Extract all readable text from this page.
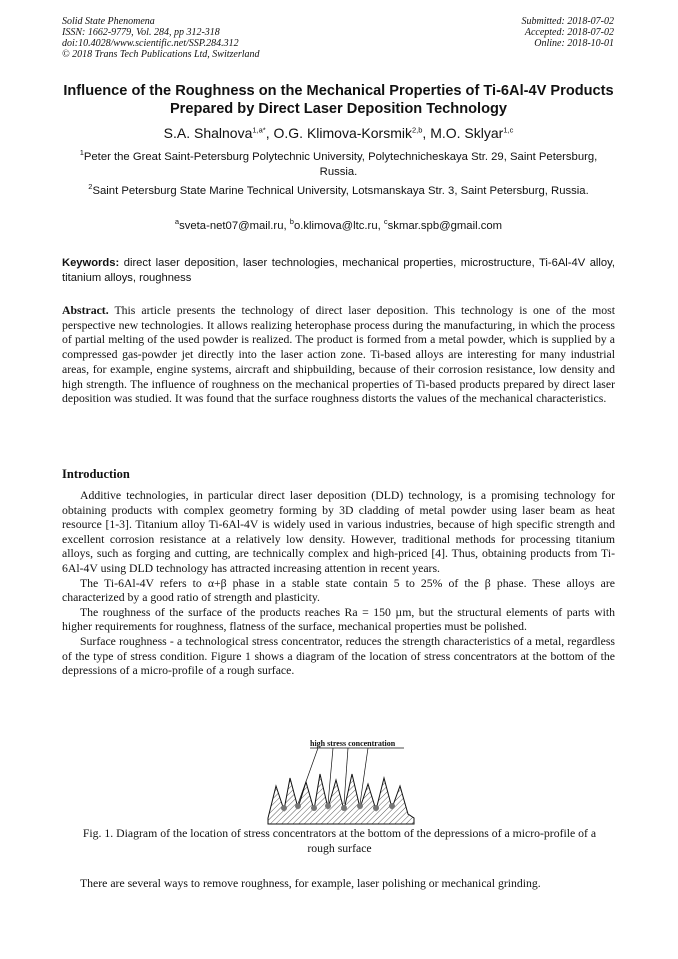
Solid State Phenomena
ISSN: 1662-9779, Vol. 284, pp 312-318
doi:10.4028/www.scientific.net/SSP.284.312
© 2018 Trans Tech Publications Ltd, Switzerland
Submitted: 2018-07-02
Accepted: 2018-07-02
Online: 2018-10-01
Influence of the Roughness on the Mechanical Properties of Ti-6Al-4V Products Prepared by Direct Laser Deposition Technology
S.A. Shalnova$^{1,a*}$, O.G. Klimova-Korsmik$^{2,b}$, M.O. Sklyar$^{1,c}$
$^1$Peter the Great Saint-Petersburg Polytechnic University, Polytechnicheskaya Str. 29, Saint Petersburg, Russia.
$^2$Saint Petersburg State Marine Technical University, Lotsmanskaya Str. 3, Saint Petersburg, Russia.
$^a$sveta-net07@mail.ru, $^b$o.klimova@ltc.ru, $^c$skmar.spb@gmail.com
Keywords: direct laser deposition, laser technologies, mechanical properties, microstructure, Ti-6Al-4V alloy, titanium alloys, roughness
Abstract. This article presents the technology of direct laser deposition. This technology is one of the most perspective new technologies. It allows realizing heterophase process during the manufacturing, in which the process of partial melting of the used powder is realized. The product is formed from a metal powder, which is supplied by a compressed gas-powder jet directly into the laser action zone. Ti-based alloys are interesting for many industrial areas, for example, engine systems, aircraft and shipbuilding, because of their corrosion resistance, low density and high strength. The influence of roughness on the mechanical properties of Ti-based products prepared by direct laser deposition was studied. It was found that the surface roughness distorts the values of the mechanical characteristics.
Introduction

Additive technologies, in particular direct laser deposition (DLD) technology, is a promising technology for obtaining products with complex geometry forming by 3D cladding of metal powder using laser beam as heat resource [1-3]. Titanium alloy Ti-6Al-4V is widely used in various industries, because of high specific strength and excellent corrosion resistance at a relatively low density. However, traditional methods for processing titanium alloys, such as forging and cutting, are technically complex and high-priced [4]. Thus, obtaining products from Ti-6Al-4V using DLD technology has attracted increasing attention in recent years.

The Ti-6Al-4V refers to α+β phase in a stable state contain 5 to 25% of the β phase. These alloys are characterized by a good ratio of strength and plasticity.

The roughness of the surface of the products reaches Ra = 150 µm, but the structural elements of parts with higher requirements for roughness, flatness of the surface, mechanical properties must be polished.

Surface roughness - a technological stress concentrator, reduces the strength characteristics of a metal, regardless of the type of stress condition. Figure 1 shows a diagram of the location of stress concentrators at the bottom of the depressions of a micro-profile of a rough surface.

high stress concentration
Fig. 1. Diagram of the location of stress concentrators at the bottom of the depressions of a micro-profile of a rough surface

There are several ways to remove roughness, for example, laser polishing or mechanical grinding.
